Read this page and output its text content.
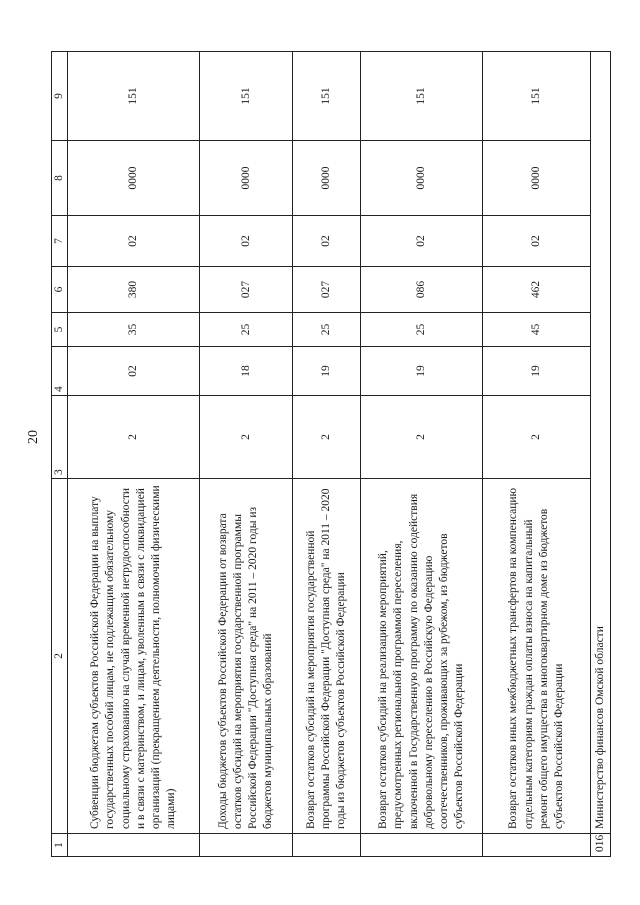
20
1	2	3	4	5	6	7	8	9
	Субвенции бюджетам субъектов Российской Федерации на выплату государственных пособий лицам, не подлежащим обязательному социальному страхованию на случай временной нетрудоспособности и в связи с материнством, и лицам, уволенным в связи с ликвидацией организаций (прекращением деятельности, полномочий физическими лицами)	2	02	35	380	02	0000	151
	Доходы бюджетов субъектов Российской Федерации от возврата остатков субсидий на мероприятия государственной программы Российской Федерации "Доступная среда" на 2011 – 2020 годы из бюджетов муниципальных образований	2	18	25	027	02	0000	151
	Возврат остатков субсидий на мероприятия государственной программы Российской Федерации "Доступная среда" на 2011 – 2020 годы из бюджетов субъектов Российской Федерации	2	19	25	027	02	0000	151
	Возврат остатков субсидий на реализацию мероприятий, предусмотренных региональной программой переселения, включенной в Государственную программу по оказанию содействия добровольному переселению в Российскую Федерацию соотечественников, проживающих за рубежом, из бюджетов субъектов Российской Федерации	2	19	25	086	02	0000	151
	Возврат остатков иных межбюджетных трансфертов на компенсацию отдельным категориям граждан оплаты взноса на капитальный ремонт общего имущества в многоквартирном доме из бюджетов субъектов Российской Федерации	2	19	45	462	02	0000	151
016	Министерство финансов Омской области							
